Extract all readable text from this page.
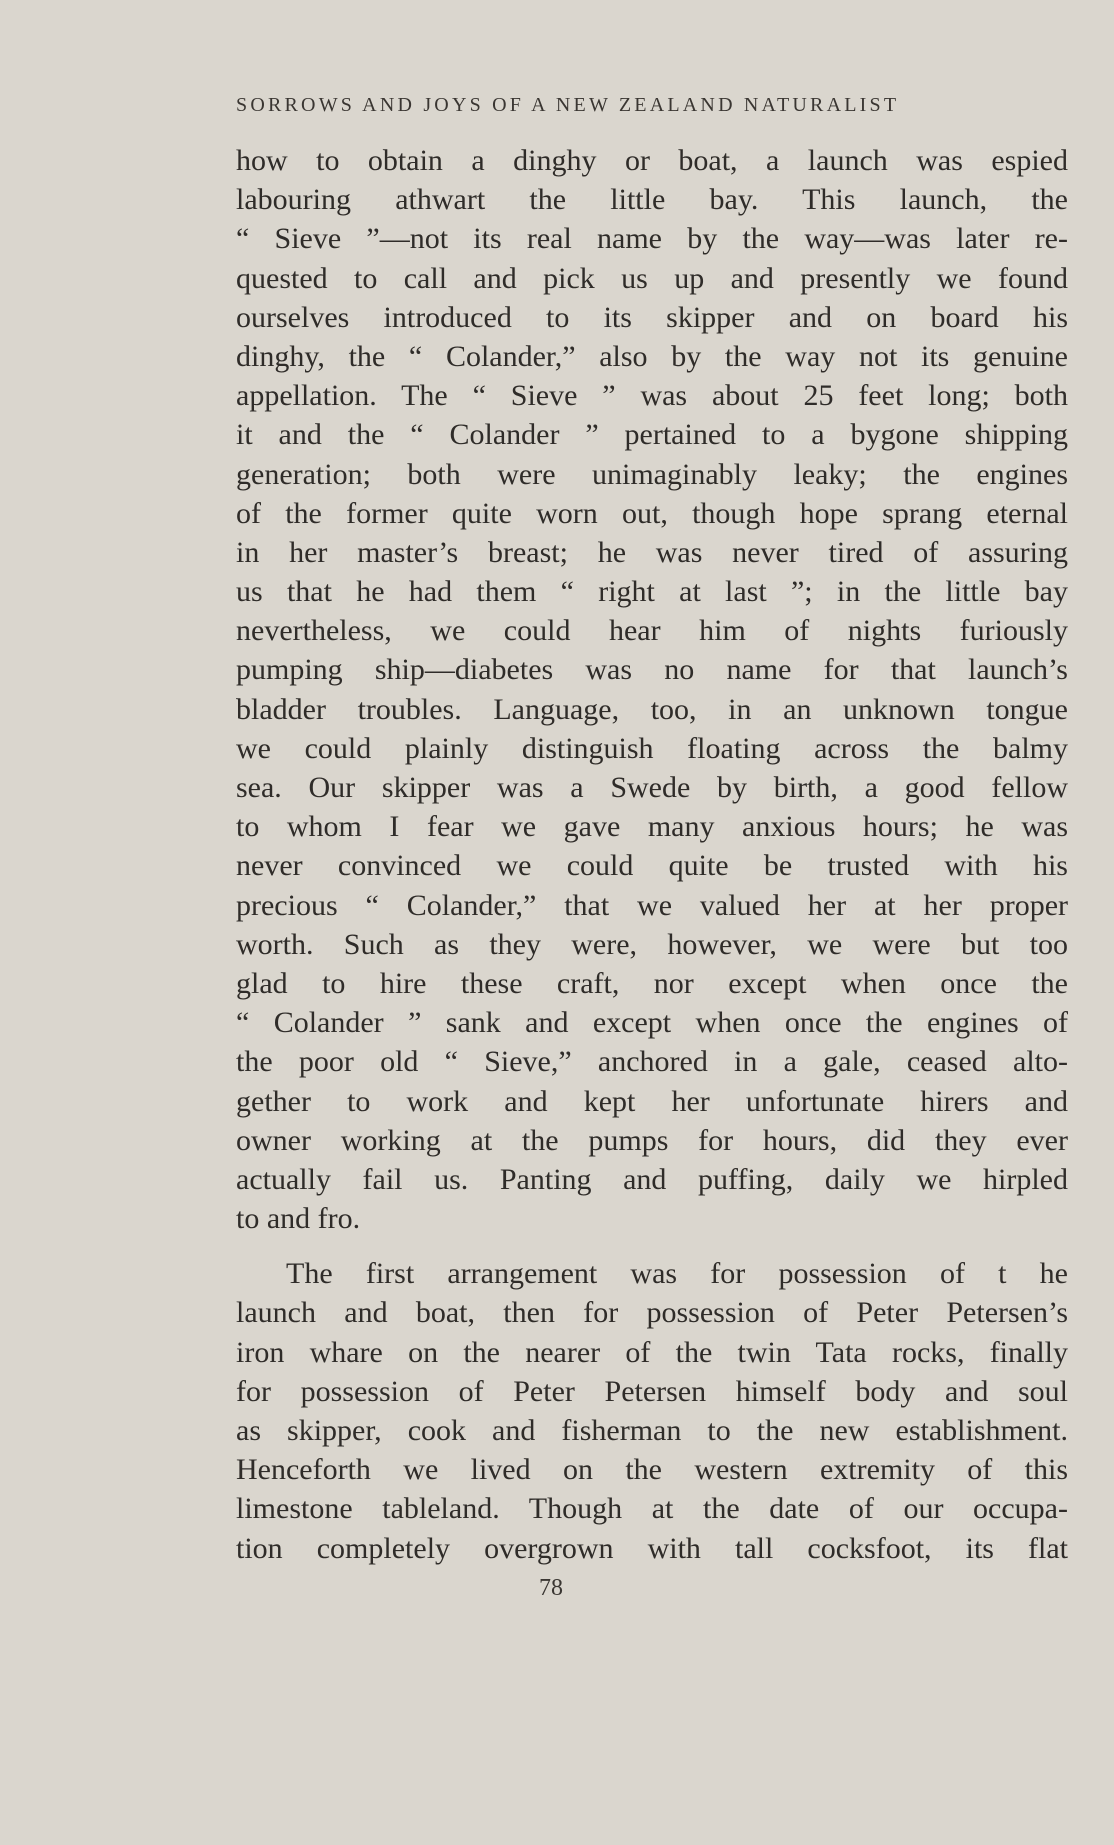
SORROWS AND JOYS OF A NEW ZEALAND NATURALIST
how to obtain a dinghy or boat, a launch was espied
labouring athwart the little bay. This launch, the
“ Sieve ”—not its real name by the way—was later re-
quested to call and pick us up and presently we found
ourselves introduced to its skipper and on board his
dinghy, the “ Colander,” also by the way not its genuine
appellation. The “ Sieve ” was about 25 feet long; both
it and the “ Colander ” pertained to a bygone shipping
generation; both were unimaginably leaky; the engines
of the former quite worn out, though hope sprang eternal
in her master’s breast; he was never tired of assuring
us that he had them “ right at last ”; in the little bay
nevertheless, we could hear him of nights furiously
pumping ship—diabetes was no name for that launch’s
bladder troubles. Language, too, in an unknown tongue
we could plainly distinguish floating across the balmy
sea. Our skipper was a Swede by birth, a good fellow
to whom I fear we gave many anxious hours; he was
never convinced we could quite be trusted with his
precious “ Colander,” that we valued her at her proper
worth. Such as they were, however, we were but too
glad to hire these craft, nor except when once the
“ Colander ” sank and except when once the engines of
the poor old “ Sieve,” anchored in a gale, ceased alto-
gether to work and kept her unfortunate hirers and
owner working at the pumps for hours, did they ever
actually fail us. Panting and puffing, daily we hirpled
to and fro.
The first arrangement was for possession of t he
launch and boat, then for possession of Peter Petersen’s
iron whare on the nearer of the twin Tata rocks, finally
for possession of Peter Petersen himself body and soul
as skipper, cook and fisherman to the new establishment.
Henceforth we lived on the western extremity of this
limestone tableland. Though at the date of our occupa-
tion completely overgrown with tall cocksfoot, its flat
78
